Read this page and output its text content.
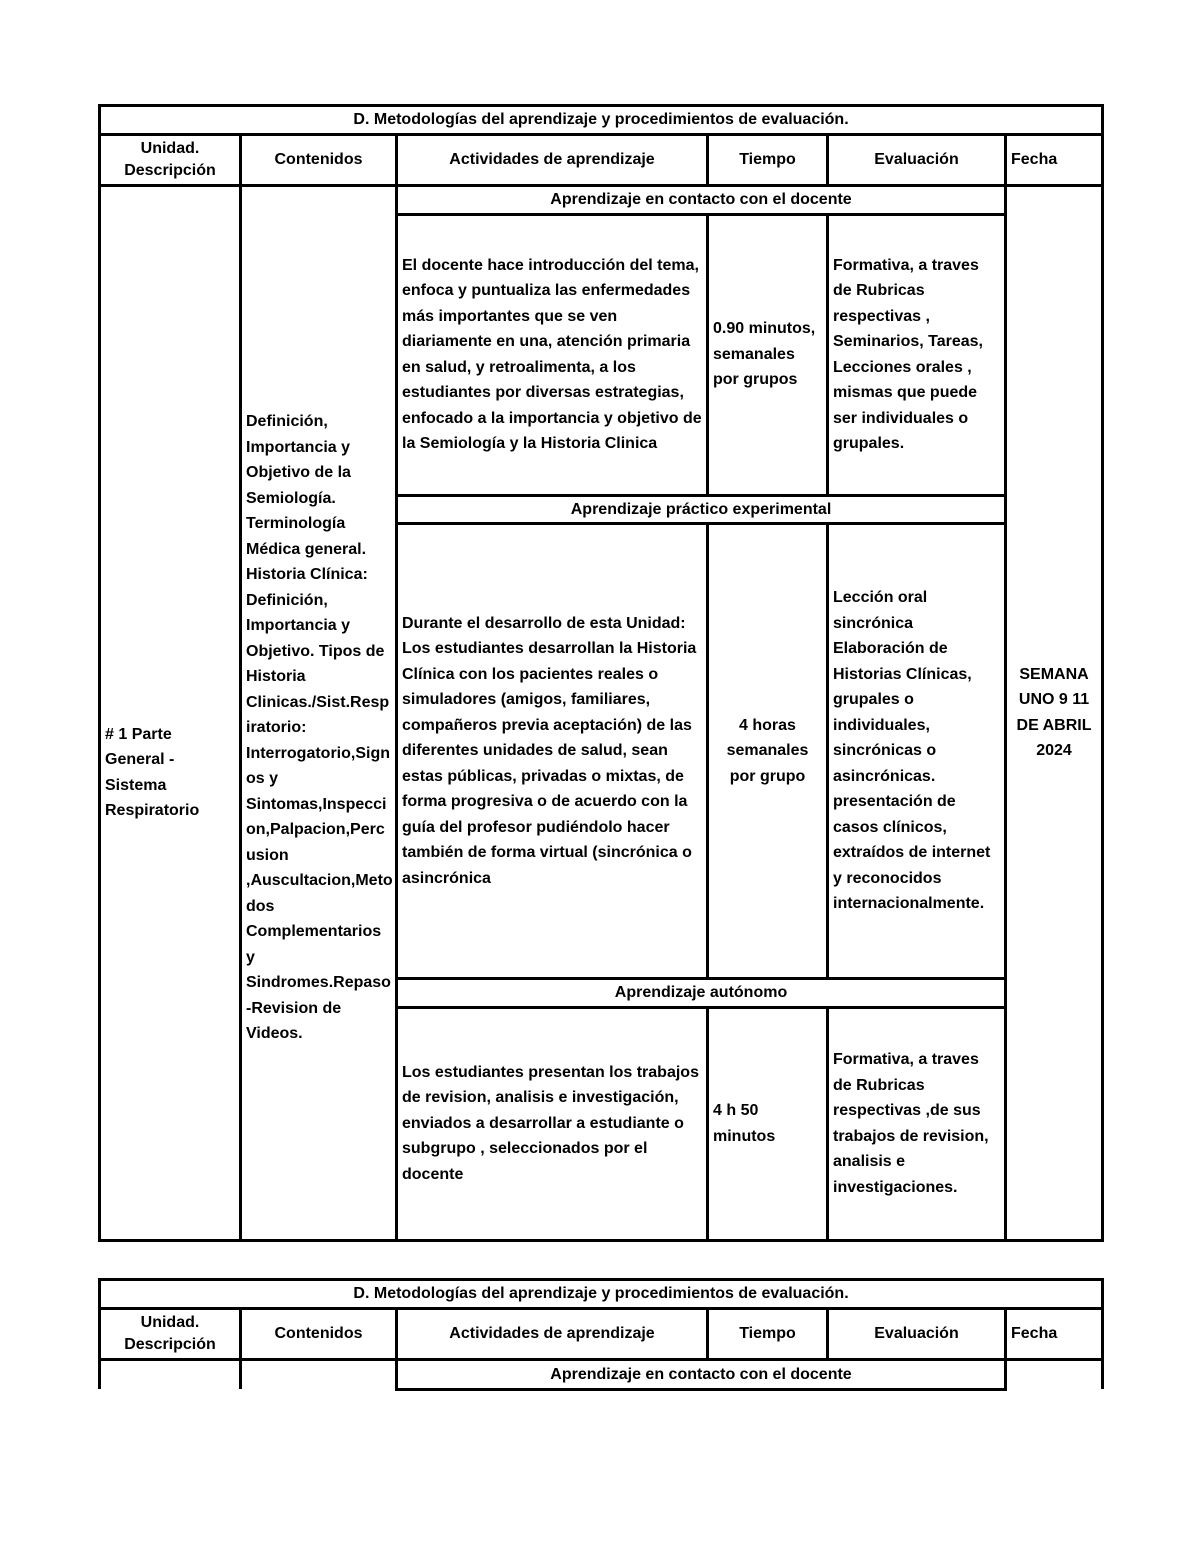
D. Metodologías del aprendizaje y procedimientos de evaluación.					
Unidad.
Descripción	Contenidos	Actividades de aprendizaje	Tiempo	Evaluación	Fecha
# 1 Parte General - Sistema Respiratorio	Definición, Importancia y Objetivo de la Semiología. Terminología Médica general. Historia Clínica: Definición, Importancia y Objetivo. Tipos de Historia Clinicas./Sist.Respiratorio: Interrogatorio,Signos y Sintomas,Inspeccion,Palpacion,Percusion ,Auscultacion,Metodos Complementarios y Sindromes.Repaso-Revision de Videos.	Aprendizaje en contacto con el docente			SEMANA UNO 9 11 DE ABRIL 2024
		El docente hace introducción del tema, enfoca y puntualiza las enfermedades más importantes que se ven diariamente en una, atención primaria en salud, y retroalimenta, a los estudiantes por diversas estrategias, enfocado a la importancia y objetivo de la Semiología y la Historia Clinica	0.90 minutos, semanales por grupos	Formativa, a traves de Rubricas respectivas , Seminarios, Tareas, Lecciones orales , mismas que puede ser individuales o grupales.	
		Aprendizaje práctico experimental			
		Durante el desarrollo de esta Unidad: Los estudiantes desarrollan la Historia Clínica con los pacientes reales o simuladores (amigos, familiares, compañeros previa aceptación) de las diferentes unidades de salud, sean estas públicas, privadas o mixtas, de forma progresiva o de acuerdo con la guía del profesor pudiéndolo hacer también de forma virtual (sincrónica o asincrónica	4 horas semanales por grupo	Lección oral sincrónica Elaboración de Historias Clínicas, grupales o individuales, sincrónicas o asincrónicas. presentación de casos clínicos, extraídos de internet y reconocidos internacionalmente.	
		Aprendizaje autónomo			
		Los estudiantes presentan los trabajos de revision, analisis e investigación, enviados a desarrollar a estudiante o subgrupo , seleccionados por el docente	4 h 50 minutos	Formativa, a traves de Rubricas respectivas ,de sus trabajos de revision, analisis e investigaciones.	
D. Metodologías del aprendizaje y procedimientos de evaluación.					
Unidad.
Descripción	Contenidos	Actividades de aprendizaje	Tiempo	Evaluación	Fecha
		Aprendizaje en contacto con el docente			
